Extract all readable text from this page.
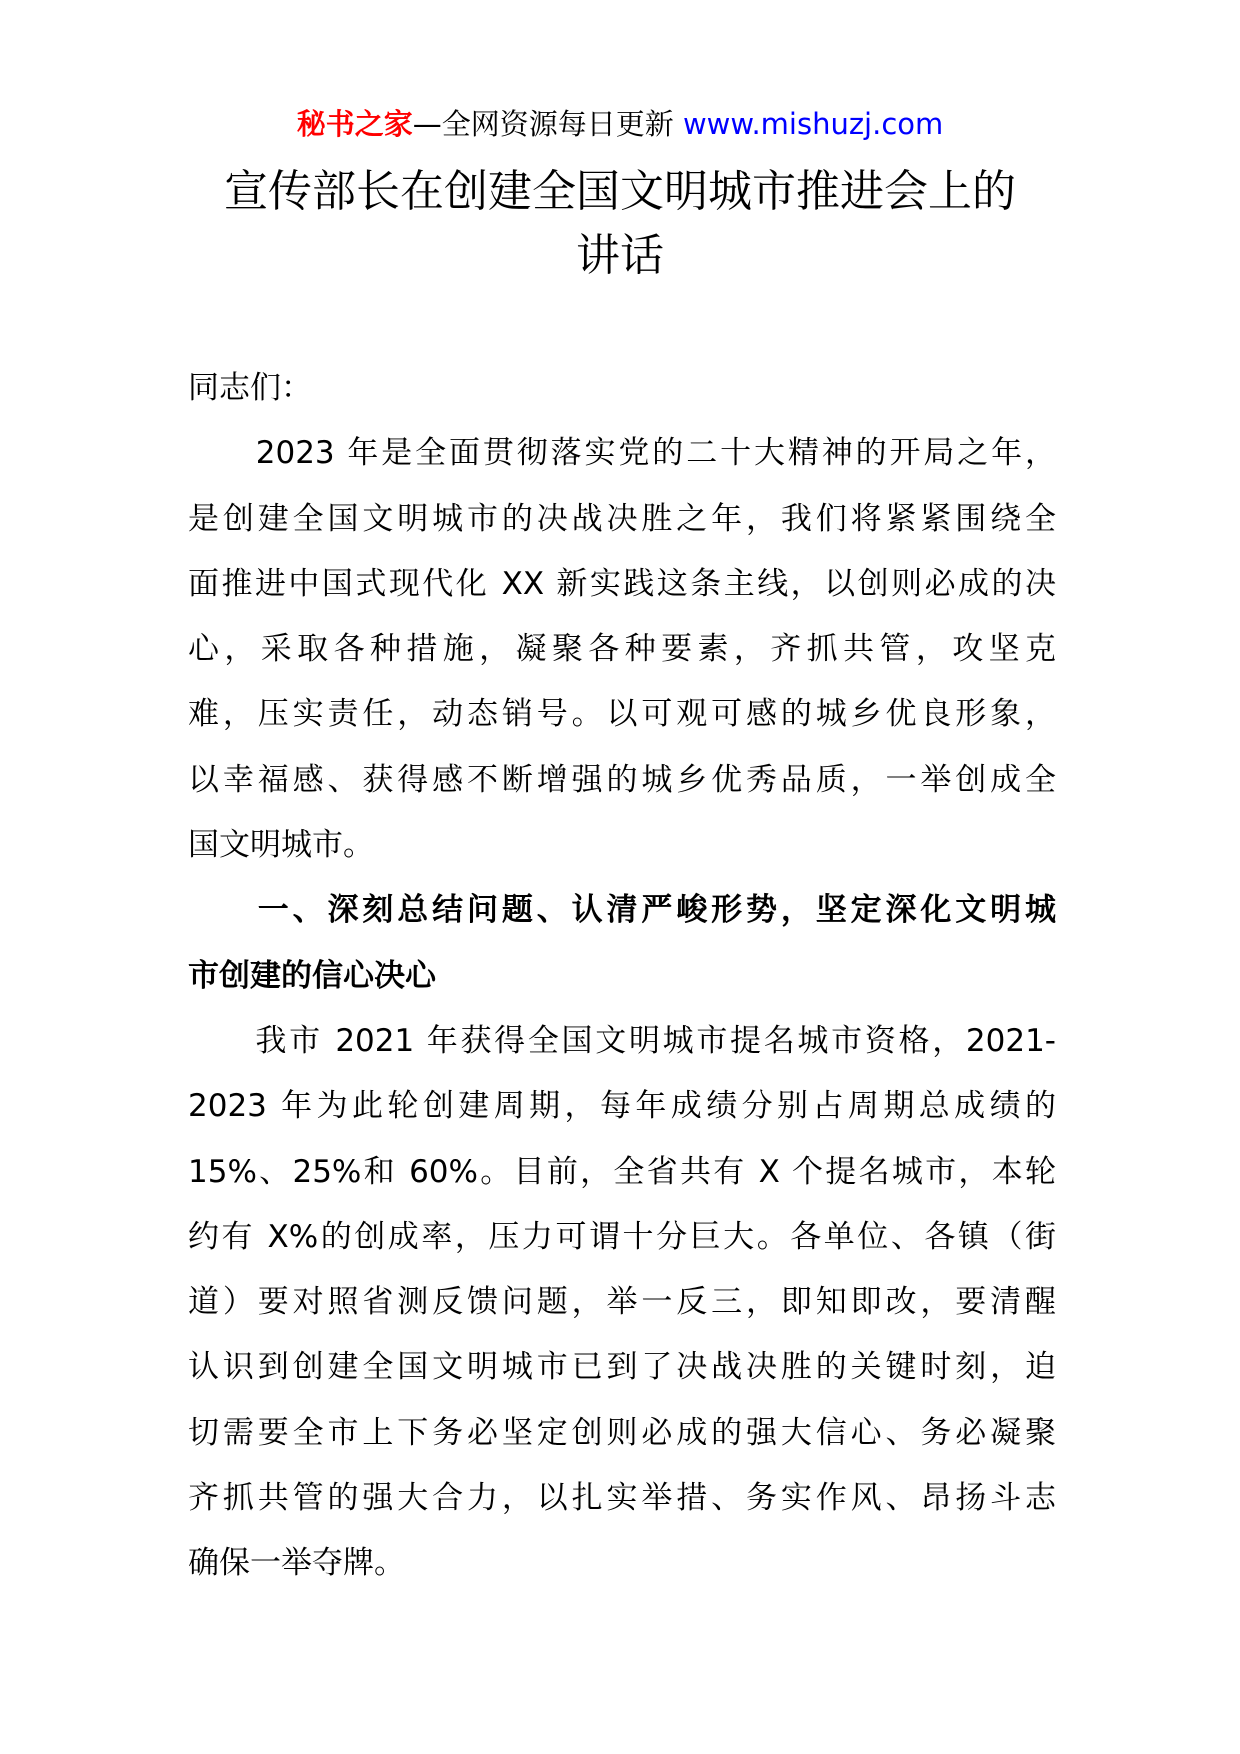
秘书之家—全网资源每日更新 www.mishuzj.com
宣传部长在创建全国文明城市推进会上的
讲话
同志们：
　　2023 年是全面贯彻落实党的二十大精神的开局之年，
是创建全国文明城市的决战决胜之年，我们将紧紧围绕全
面推进中国式现代化 XX 新实践这条主线，以创则必成的决
心，采取各种措施，凝聚各种要素，齐抓共管，攻坚克
难，压实责任，动态销号。以可观可感的城乡优良形象，
以幸福感、获得感不断增强的城乡优秀品质，一举创成全
国文明城市。
　　一、深刻总结问题、认清严峻形势，坚定深化文明城
市创建的信心决心
　　我市 2021 年获得全国文明城市提名城市资格，2021-
2023 年为此轮创建周期，每年成绩分别占周期总成绩的
15%、25%和 60%。目前，全省共有 X 个提名城市，本轮
约有 X%的创成率，压力可谓十分巨大。各单位、各镇（街
道）要对照省测反馈问题，举一反三，即知即改，要清醒
认识到创建全国文明城市已到了决战决胜的关键时刻，迫
切需要全市上下务必坚定创则必成的强大信心、务必凝聚
齐抓共管的强大合力，以扎实举措、务实作风、昂扬斗志
确保一举夺牌。
